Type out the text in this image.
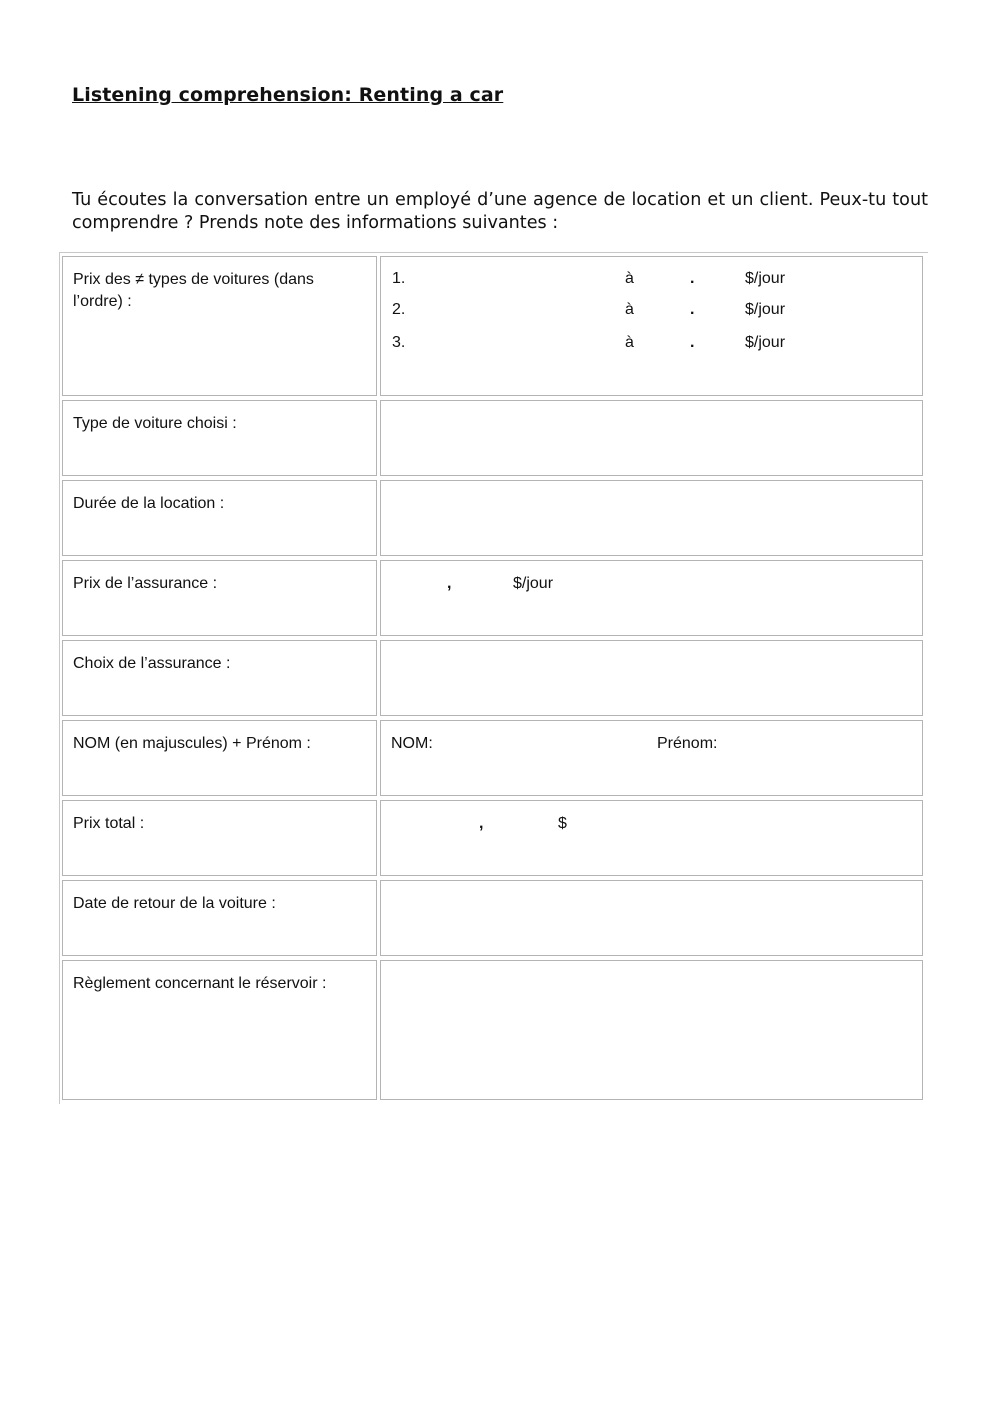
Listening comprehension: Renting a car
Tu écoutes la conversation entre un employé d’une agence de location et un client. Peux-tu tout comprendre ? Prends note des informations suivantes :
Prix des ≠ types de voitures (dans l’ordre) :
1.	à	.	$/jour
2.	à	.	$/jour
3.	à	.	$/jour
Type de voiture choisi :
Durée de la location :
Prix de l’assurance :	,	$/jour
Choix de l’assurance :
NOM (en majuscules) + Prénom :	NOM:	Prénom:
Prix total :	,	$
Date de retour de la voiture :
Règlement concernant le réservoir :
